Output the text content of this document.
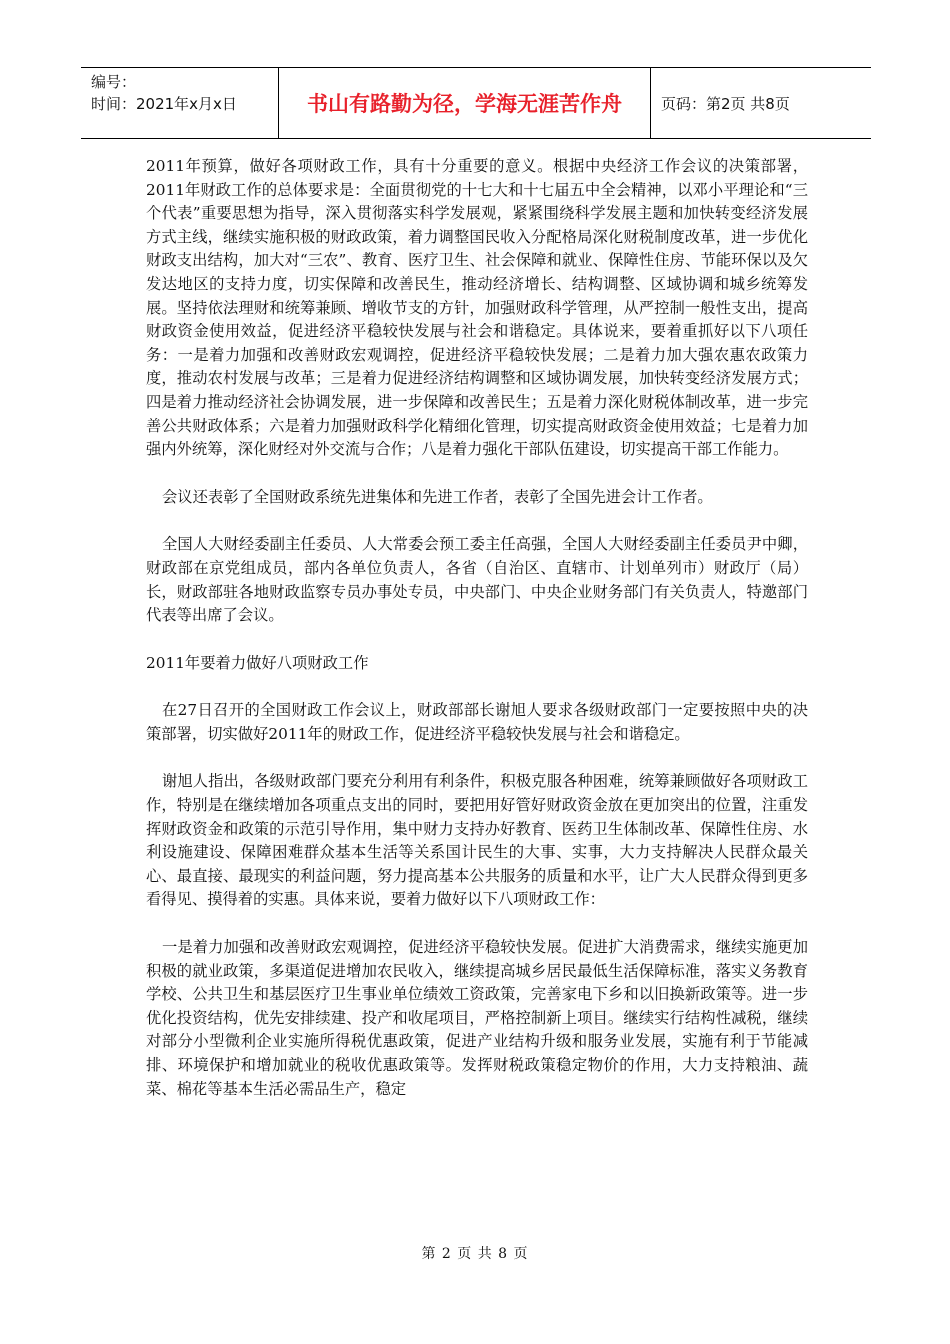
编号：
时间：2021年x月x日	书山有路勤为径，学海无涯苦作舟	页码：第2页 共8页

2011年预算，做好各项财政工作，具有十分重要的意义。根据中央经济工作会议的决策部署，2011年财政工作的总体要求是：全面贯彻党的十七大和十七届五中全会精神，以邓小平理论和“三个代表”重要思想为指导，深入贯彻落实科学发展观，紧紧围绕科学发展主题和加快转变经济发展方式主线，继续实施积极的财政政策，着力调整国民收入分配格局深化财税制度改革，进一步优化财政支出结构，加大对“三农”、教育、医疗卫生、社会保障和就业、保障性住房、节能环保以及欠发达地区的支持力度，切实保障和改善民生，推动经济增长、结构调整、区域协调和城乡统筹发展。坚持依法理财和统筹兼顾、增收节支的方针，加强财政科学管理，从严控制一般性支出，提高财政资金使用效益，促进经济平稳较快发展与社会和谐稳定。具体说来，要着重抓好以下八项任务：一是着力加强和改善财政宏观调控，促进经济平稳较快发展；二是着力加大强农惠农政策力度，推动农村发展与改革；三是着力促进经济结构调整和区域协调发展，加快转变经济发展方式；四是着力推动经济社会协调发展，进一步保障和改善民生；五是着力深化财税体制改革，进一步完善公共财政体系；六是着力加强财政科学化精细化管理，切实提高财政资金使用效益；七是着力加强内外统筹，深化财经对外交流与合作；八是着力强化干部队伍建设，切实提高干部工作能力。

会议还表彰了全国财政系统先进集体和先进工作者，表彰了全国先进会计工作者。

全国人大财经委副主任委员、人大常委会预工委主任高强，全国人大财经委副主任委员尹中卿，财政部在京党组成员，部内各单位负责人，各省（自治区、直辖市、计划单列市）财政厅（局）长，财政部驻各地财政监察专员办事处专员，中央部门、中央企业财务部门有关负责人，特邀部门代表等出席了会议。

2011年要着力做好八项财政工作

在27日召开的全国财政工作会议上，财政部部长谢旭人要求各级财政部门一定要按照中央的决策部署，切实做好2011年的财政工作，促进经济平稳较快发展与社会和谐稳定。

谢旭人指出，各级财政部门要充分利用有利条件，积极克服各种困难，统筹兼顾做好各项财政工作，特别是在继续增加各项重点支出的同时，要把用好管好财政资金放在更加突出的位置，注重发挥财政资金和政策的示范引导作用，集中财力支持办好教育、医药卫生体制改革、保障性住房、水利设施建设、保障困难群众基本生活等关系国计民生的大事、实事，大力支持解决人民群众最关心、最直接、最现实的利益问题，努力提高基本公共服务的质量和水平，让广大人民群众得到更多看得见、摸得着的实惠。具体来说，要着力做好以下八项财政工作：

一是着力加强和改善财政宏观调控，促进经济平稳较快发展。促进扩大消费需求，继续实施更加积极的就业政策，多渠道促进增加农民收入，继续提高城乡居民最低生活保障标准，落实义务教育学校、公共卫生和基层医疗卫生事业单位绩效工资政策，完善家电下乡和以旧换新政策等。进一步优化投资结构，优先安排续建、投产和收尾项目，严格控制新上项目。继续实行结构性减税，继续对部分小型微利企业实施所得税优惠政策，促进产业结构升级和服务业发展，实施有利于节能减排、环境保护和增加就业的税收优惠政策等。发挥财税政策稳定物价的作用，大力支持粮油、蔬菜、棉花等基本生活必需品生产，稳定

第 2 页 共 8 页
